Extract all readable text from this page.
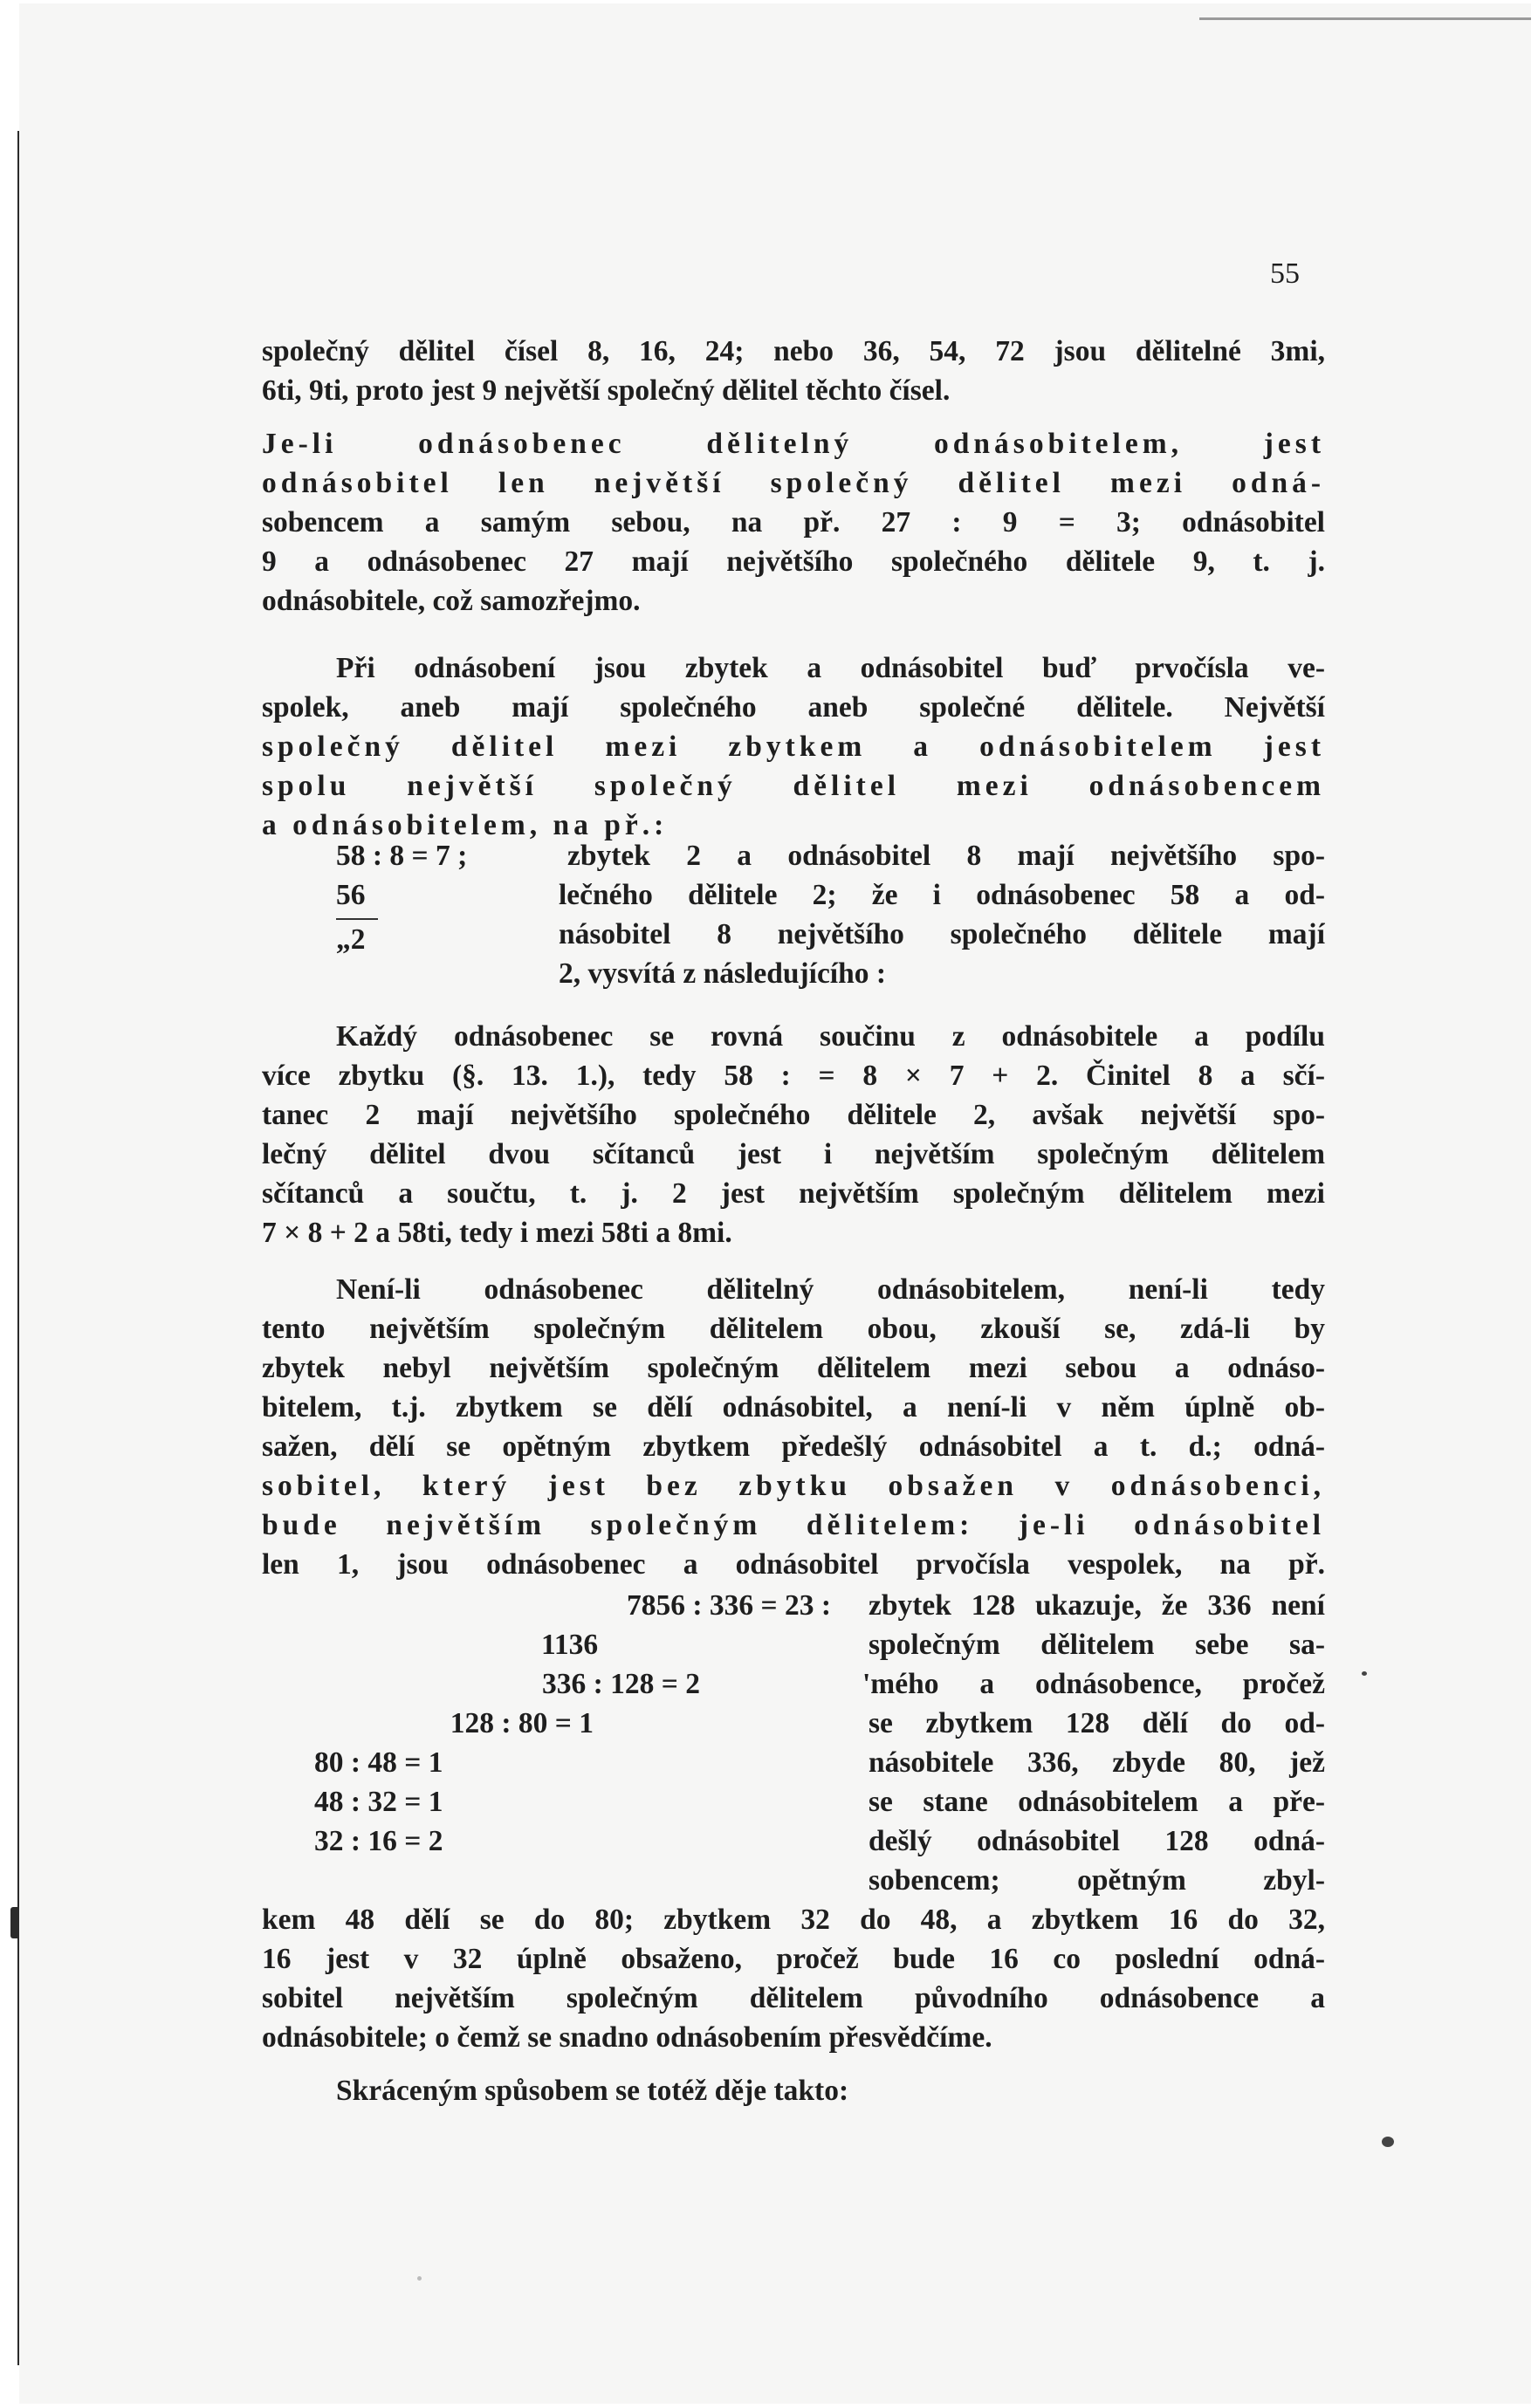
55
společný dělitel čísel 8, 16, 24; nebo 36, 54, 72 jsou dělitelné 3mi,
6ti, 9ti, proto jest 9 největší společný dělitel těchto čísel.
Je-li odnásobenec dělitelný odnásobitelem, jest
odnásobitel len největší společný dělitel mezi odná-
sobencem a samým sebou, na př. 27 : 9 = 3; odnásobitel
9 a odnásobenec 27 mají největšího společného dělitele 9, t. j.
odnásobitele, což samozřejmo.
Při odnásobení jsou zbytek a odnásobitel buď prvočísla ve-
spolek, aneb mají společného aneb společné dělitele. Největší
společný dělitel mezi zbytkem a odnásobitelem jest
spolu největší společný dělitel mezi odnásobencem
a odnásobitelem, na př.:
58 : 8 = 7 ;
56
„2
zbytek 2 a odnásobitel 8 mají největšího spo-
lečného dělitele 2; že i odnásobenec 58 a od-
násobitel 8 největšího společného dělitele mají
2, vysvítá z následujícího :
Každý odnásobenec se rovná součinu z odnásobitele a podílu
více zbytku (§. 13. 1.), tedy 58 : = 8 × 7 + 2. Činitel 8 a sčí-
tanec 2 mají největšího společného dělitele 2, avšak největší spo-
lečný dělitel dvou sčítanců jest i největším společným dělitelem
sčítanců a součtu, t. j. 2 jest největším společným dělitelem mezi
7 × 8 + 2 a 58ti, tedy i mezi 58ti a 8mi.
Není-li odnásobenec dělitelný odnásobitelem, není-li tedy
tento největším společným dělitelem obou, zkouší se, zdá-li by
zbytek nebyl největším společným dělitelem mezi sebou a odnáso-
bitelem, t.j. zbytkem se dělí odnásobitel, a není-li v něm úplně ob-
sažen, dělí se opětným zbytkem předešlý odnásobitel a t. d.; odná-
sobitel, který jest bez zbytku obsažen v odnásobenci,
bude největším společným dělitelem: je-li odnásobitel
len 1, jsou odnásobenec a odnásobitel prvočísla vespolek, na př.
7856 : 336 = 23 :
1136
336 : 128 = 2
128 : 80 = 1
80 : 48 = 1
48 : 32 = 1
32 : 16 = 2
zbytek 128 ukazuje, že 336 není
společným dělitelem sebe sa-
'mého a odnásobence, pročež
se zbytkem 128 dělí do od-
násobitele 336, zbyde 80, jež
se stane odnásobitelem a pře-
dešlý odnásobitel 128 odná-
sobencem; opětným zbyl-
kem 48 dělí se do 80; zbytkem 32 do 48, a zbytkem 16 do 32,
16 jest v 32 úplně obsaženo, pročež bude 16 co poslední odná-
sobitel největším společným dělitelem původního odnásobence a
odnásobitele; o čemž se snadno odnásobením přesvědčíme.
Skráceným spůsobem se totéž děje takto:
